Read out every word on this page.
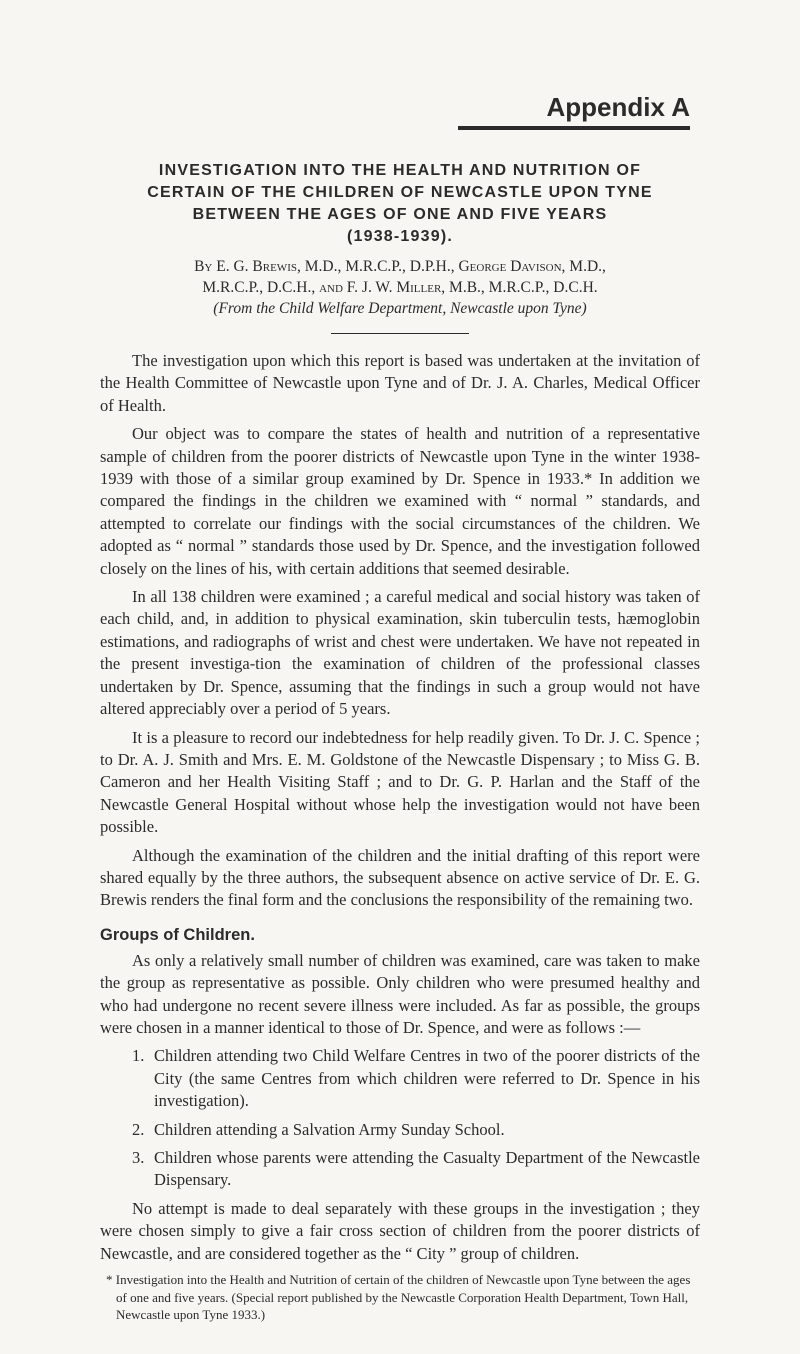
Appendix A
INVESTIGATION INTO THE HEALTH AND NUTRITION OF
CERTAIN OF THE CHILDREN OF NEWCASTLE UPON TYNE
BETWEEN THE AGES OF ONE AND FIVE YEARS
(1938-1939).
By E. G. Brewis, M.D., M.R.C.P., D.P.H., George Davison, M.D.,
M.R.C.P., D.C.H., and F. J. W. Miller, M.B., M.R.C.P., D.C.H.
(From the Child Welfare Department, Newcastle upon Tyne)

The investigation upon which this report is based was undertaken at the invitation of the Health Committee of Newcastle upon Tyne and of Dr. J. A. Charles, Medical Officer of Health.

Our object was to compare the states of health and nutrition of a representative sample of children from the poorer districts of Newcastle upon Tyne in the winter 1938-1939 with those of a similar group examined by Dr. Spence in 1933.* In addition we compared the findings in the children we examined with “ normal ” standards, and attempted to correlate our findings with the social circumstances of the children. We adopted as “ normal ” standards those used by Dr. Spence, and the investigation followed closely on the lines of his, with certain additions that seemed desirable.

In all 138 children were examined ; a careful medical and social history was taken of each child, and, in addition to physical examination, skin tuberculin tests, hæmoglobin estimations, and radiographs of wrist and chest were undertaken. We have not repeated in the present investiga-tion the examination of children of the professional classes undertaken by Dr. Spence, assuming that the findings in such a group would not have altered appreciably over a period of 5 years.

It is a pleasure to record our indebtedness for help readily given. To Dr. J. C. Spence ; to Dr. A. J. Smith and Mrs. E. M. Goldstone of the Newcastle Dispensary ; to Miss G. B. Cameron and her Health Visiting Staff ; and to Dr. G. P. Harlan and the Staff of the Newcastle General Hospital without whose help the investigation would not have been possible.

Although the examination of the children and the initial drafting of this report were shared equally by the three authors, the subsequent absence on active service of Dr. E. G. Brewis renders the final form and the conclusions the responsibility of the remaining two.

Groups of Children.

As only a relatively small number of children was examined, care was taken to make the group as representative as possible. Only children who were presumed healthy and who had undergone no recent severe illness were included. As far as possible, the groups were chosen in a manner identical to those of Dr. Spence, and were as follows :—

1. Children attending two Child Welfare Centres in two of the poorer districts of the City (the same Centres from which children were referred to Dr. Spence in his investigation).
2. Children attending a Salvation Army Sunday School.
3. Children whose parents were attending the Casualty Department of the Newcastle Dispensary.

No attempt is made to deal separately with these groups in the investigation ; they were chosen simply to give a fair cross section of children from the poorer districts of Newcastle, and are considered together as the “ City ” group of children.

* Investigation into the Health and Nutrition of certain of the children of Newcastle upon Tyne between the ages of one and five years. (Special report published by the Newcastle Corporation Health Department, Town Hall, Newcastle upon Tyne 1933.)
